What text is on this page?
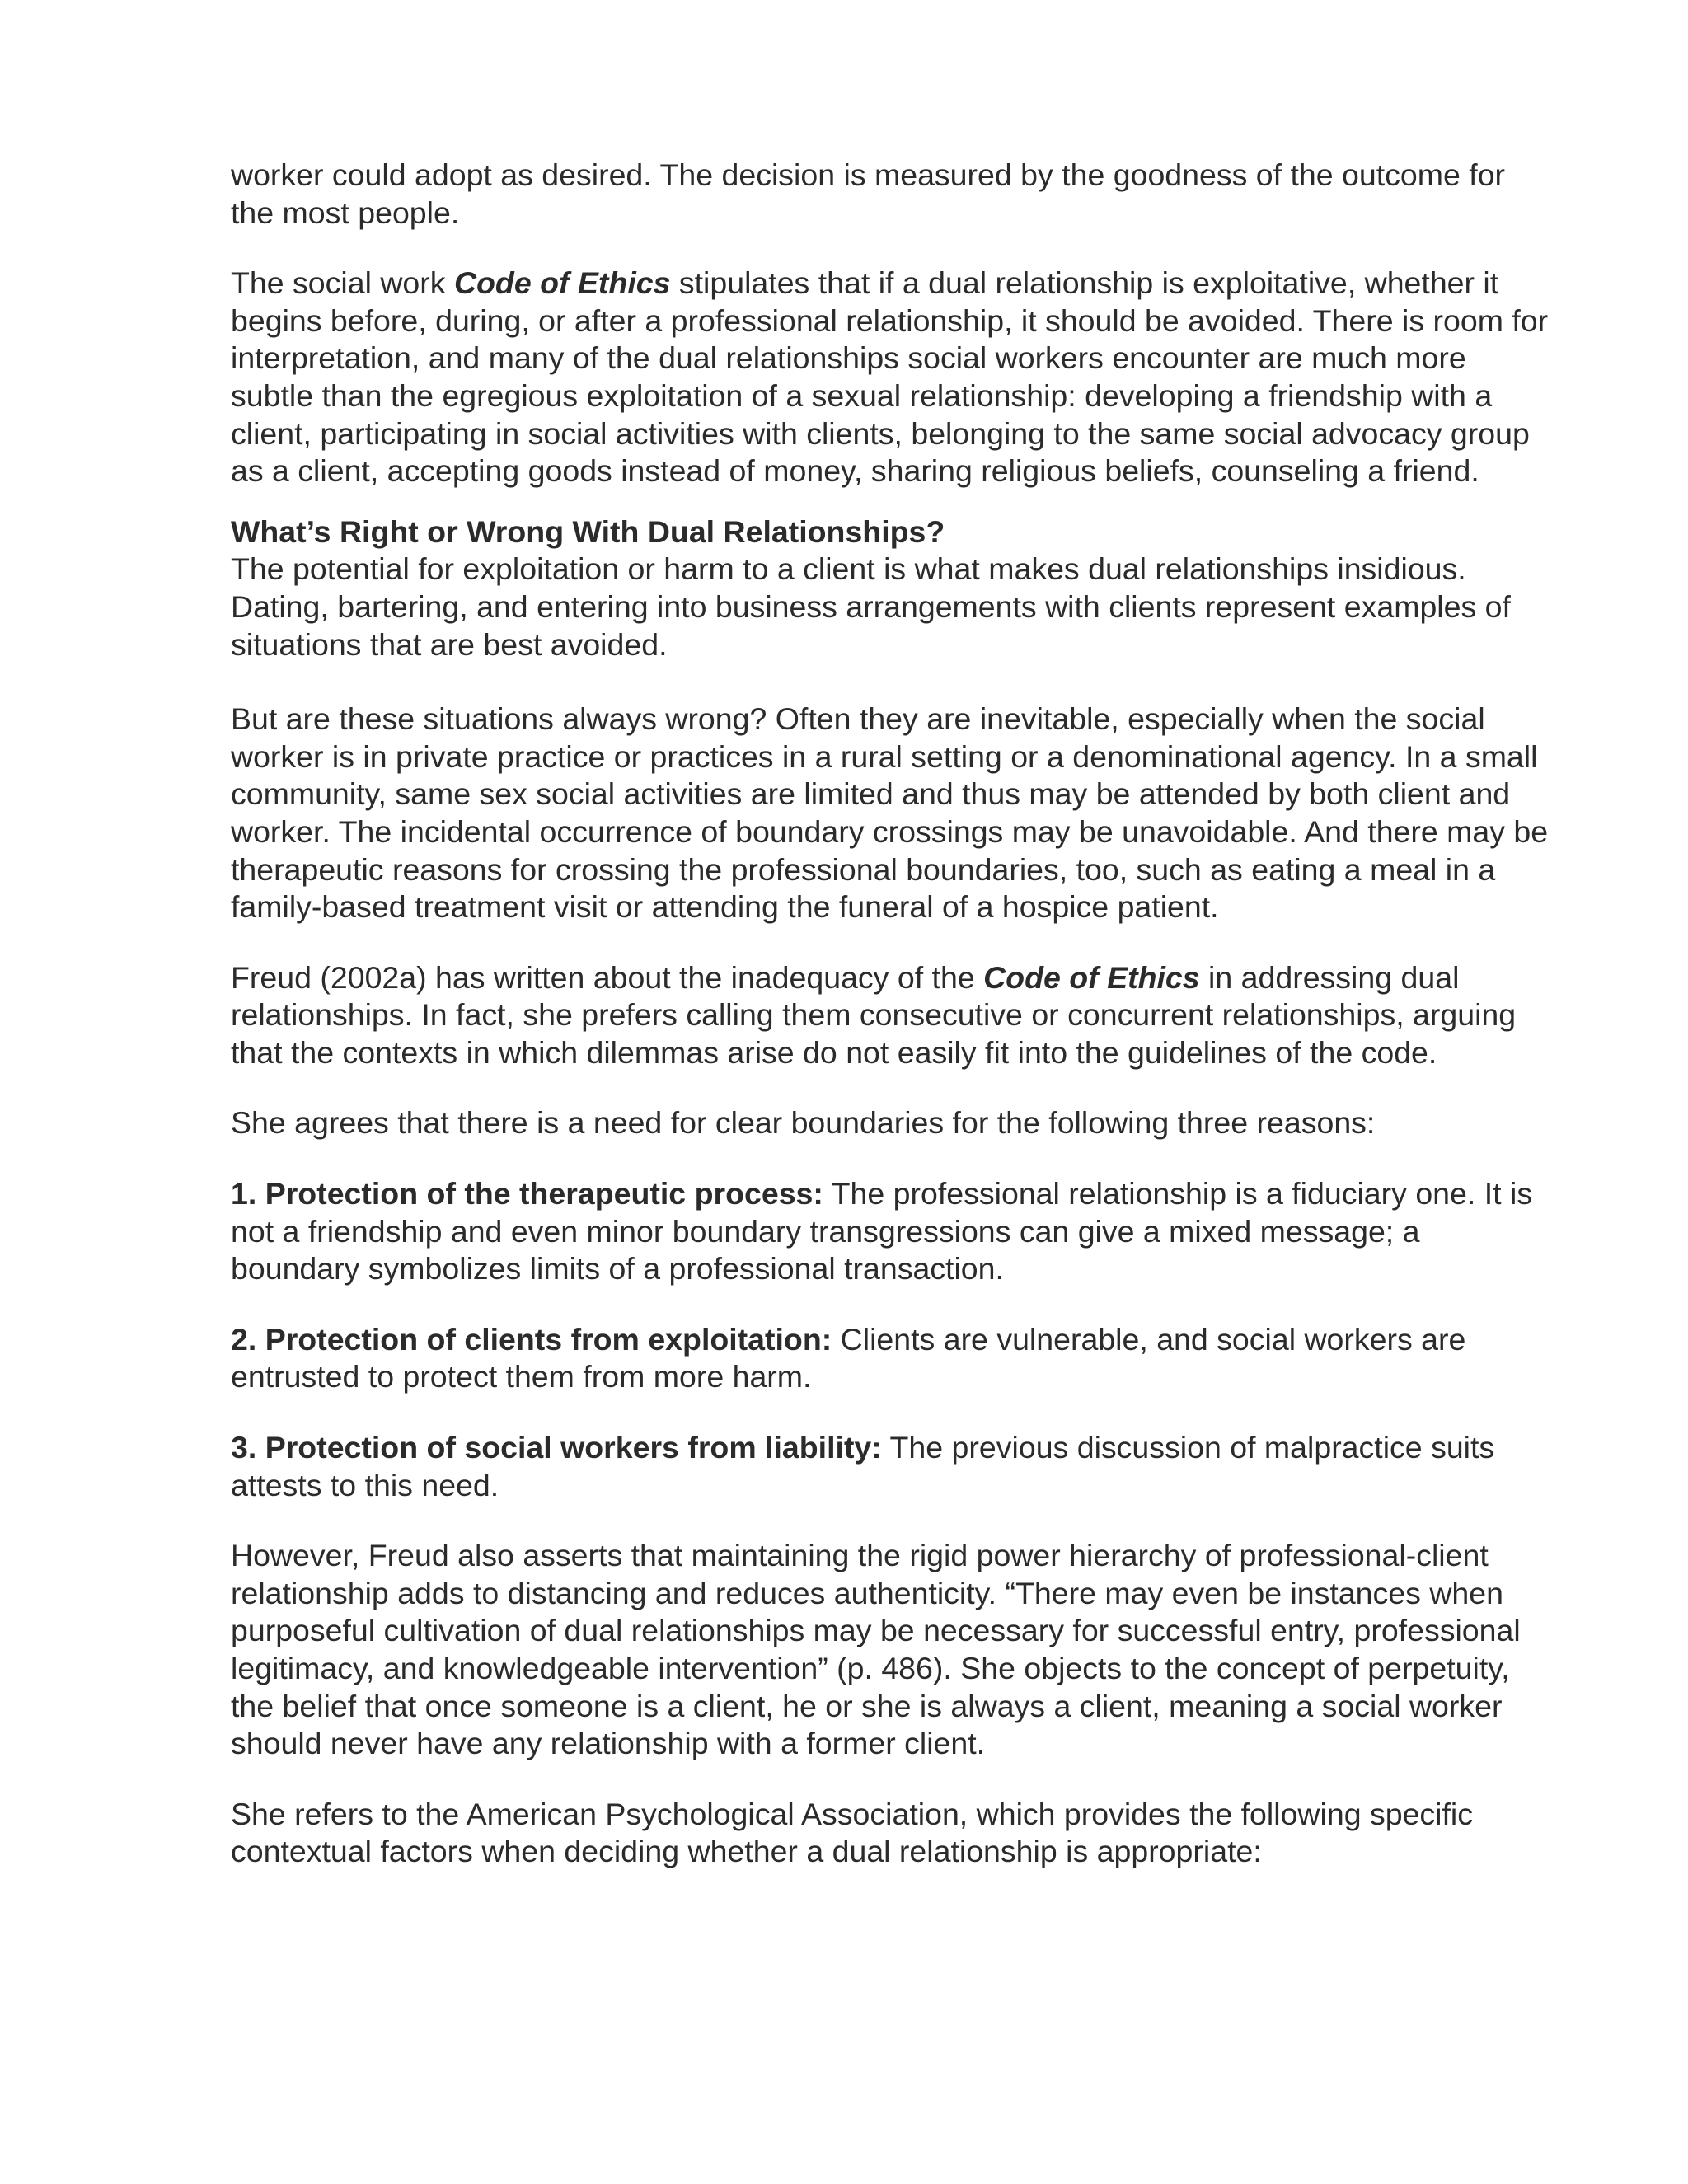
worker could adopt as desired. The decision is measured by the goodness of the outcome for the most people.

The social work Code of Ethics stipulates that if a dual relationship is exploitative, whether it begins before, during, or after a professional relationship, it should be avoided. There is room for interpretation, and many of the dual relationships social workers encounter are much more subtle than the egregious exploitation of a sexual relationship: developing a friendship with a client, participating in social activities with clients, belonging to the same social advocacy group as a client, accepting goods instead of money, sharing religious beliefs, counseling a friend.

What’s Right or Wrong With Dual Relationships?

The potential for exploitation or harm to a client is what makes dual relationships insidious. Dating, bartering, and entering into business arrangements with clients represent examples of situations that are best avoided.

But are these situations always wrong? Often they are inevitable, especially when the social worker is in private practice or practices in a rural setting or a denominational agency. In a small community, same sex social activities are limited and thus may be attended by both client and worker. The incidental occurrence of boundary crossings may be unavoidable. And there may be therapeutic reasons for crossing the professional boundaries, too, such as eating a meal in a family-based treatment visit or attending the funeral of a hospice patient.

Freud (2002a) has written about the inadequacy of the Code of Ethics in addressing dual relationships. In fact, she prefers calling them consecutive or concurrent relationships, arguing that the contexts in which dilemmas arise do not easily fit into the guidelines of the code.

She agrees that there is a need for clear boundaries for the following three reasons:

1. Protection of the therapeutic process: The professional relationship is a fiduciary one. It is not a friendship and even minor boundary transgressions can give a mixed message; a boundary symbolizes limits of a professional transaction.

2. Protection of clients from exploitation: Clients are vulnerable, and social workers are entrusted to protect them from more harm.

3. Protection of social workers from liability: The previous discussion of malpractice suits attests to this need.

However, Freud also asserts that maintaining the rigid power hierarchy of professional-client relationship adds to distancing and reduces authenticity. “There may even be instances when purposeful cultivation of dual relationships may be necessary for successful entry, professional legitimacy, and knowledgeable intervention” (p. 486). She objects to the concept of perpetuity, the belief that once someone is a client, he or she is always a client, meaning a social worker should never have any relationship with a former client.

She refers to the American Psychological Association, which provides the following specific contextual factors when deciding whether a dual relationship is appropriate:
